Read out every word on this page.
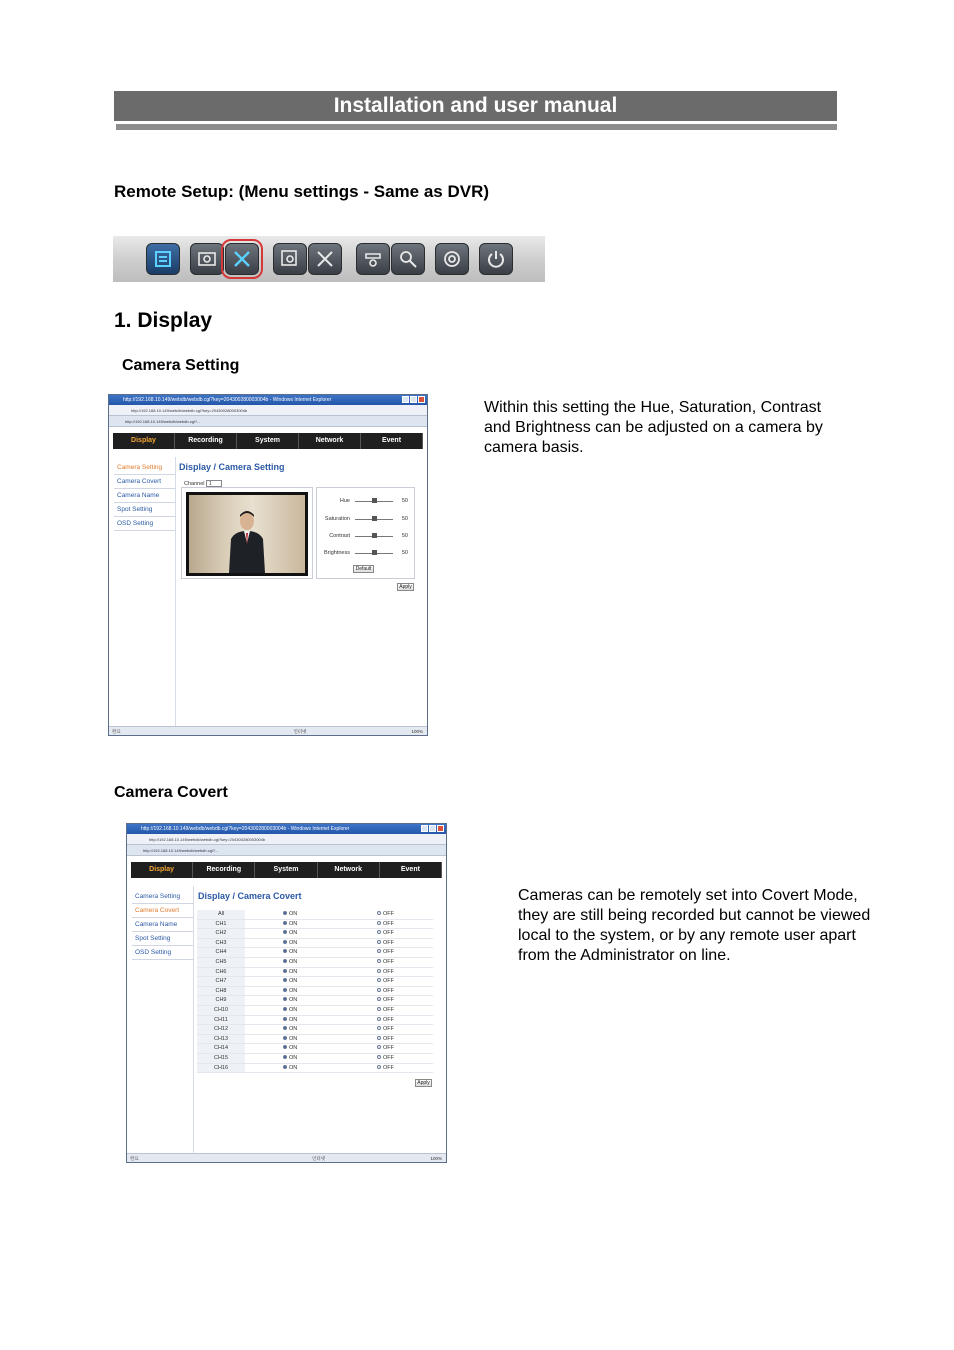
Installation and user manual
Remote Setup: (Menu settings - Same as DVR)
1. Display
Camera Setting
http://192.168.10.149/webdb/webdb.cgi?key=204300280003004b - Windows Internet Explorer
http://192.168.10.149/webdb/webdb.cgi?key=204300280003004b
http://192.168.10.149/webdb/webdb.cgi?...
Display	Recording	System	Network	Event
Camera Setting
Camera Covert
Camera Name
Spot Setting
OSD Setting
Display / Camera Setting
Channel 1
Hue	50
Saturation	50
Contrast	50
Brightness	50
Default
Apply
완료	인터넷	100%
Within this setting the Hue, Saturation, Contrast and Brightness can be adjusted on a camera by camera basis.
Camera Covert
http://192.168.10.149/webdb/webdb.cgi?key=204300280003004b - Windows Internet Explorer
http://192.168.10.149/webdb/webdb.cgi?key=204300280003004b
http://192.168.10.149/webdb/webdb.cgi?...
Display	Recording	System	Network	Event
Camera Setting
Camera Covert
Camera Name
Spot Setting
OSD Setting
Display / Camera Covert
All	ON	OFF
CH1	ON	OFF
CH2	ON	OFF
CH3	ON	OFF
CH4	ON	OFF
CH5	ON	OFF
CH6	ON	OFF
CH7	ON	OFF
CH8	ON	OFF
CH9	ON	OFF
CH10	ON	OFF
CH11	ON	OFF
CH12	ON	OFF
CH13	ON	OFF
CH14	ON	OFF
CH15	ON	OFF
CH16	ON	OFF
Apply
완료	인터넷	100%
Cameras can be remotely set into Covert Mode, they are still being recorded but cannot be viewed local to the system, or by any remote user apart from the Administrator on line.
